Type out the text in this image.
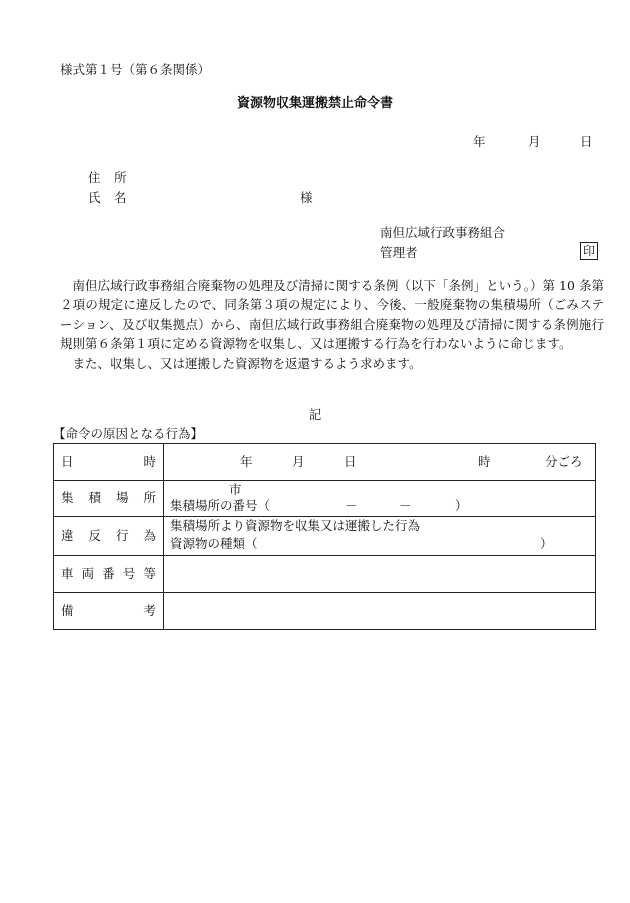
様式第１号（第６条関係）
資源物収集運搬禁止命令書
年	月	日
住 所
氏 名	様
南但広域行政事務組合
管理者	印

南但広域行政事務組合廃棄物の処理及び清掃に関する条例（以下「条例」という。）第 10 条第２項の規定に違反したので、同条第３項の規定により、今後、一般廃棄物の集積場所（ごみステーション、及び収集拠点）から、南但広域行政事務組合廃棄物の処理及び清掃に関する条例施行規則第６条第１項に定める資源物を収集し、又は運搬する行為を行わないように命じます。

また、収集し、又は運搬した資源物を返還するよう求めます。

記
【命令の原因となる行為】
日 時	年 月 日 時 分ごろ

集 積 場 所	市
集積場所の番号（ － － ）

違 反 行 為	集積場所より資源物を収集又は運搬した行為
資源物の種類（ ）

車 両 番 号 等	

備 考	
